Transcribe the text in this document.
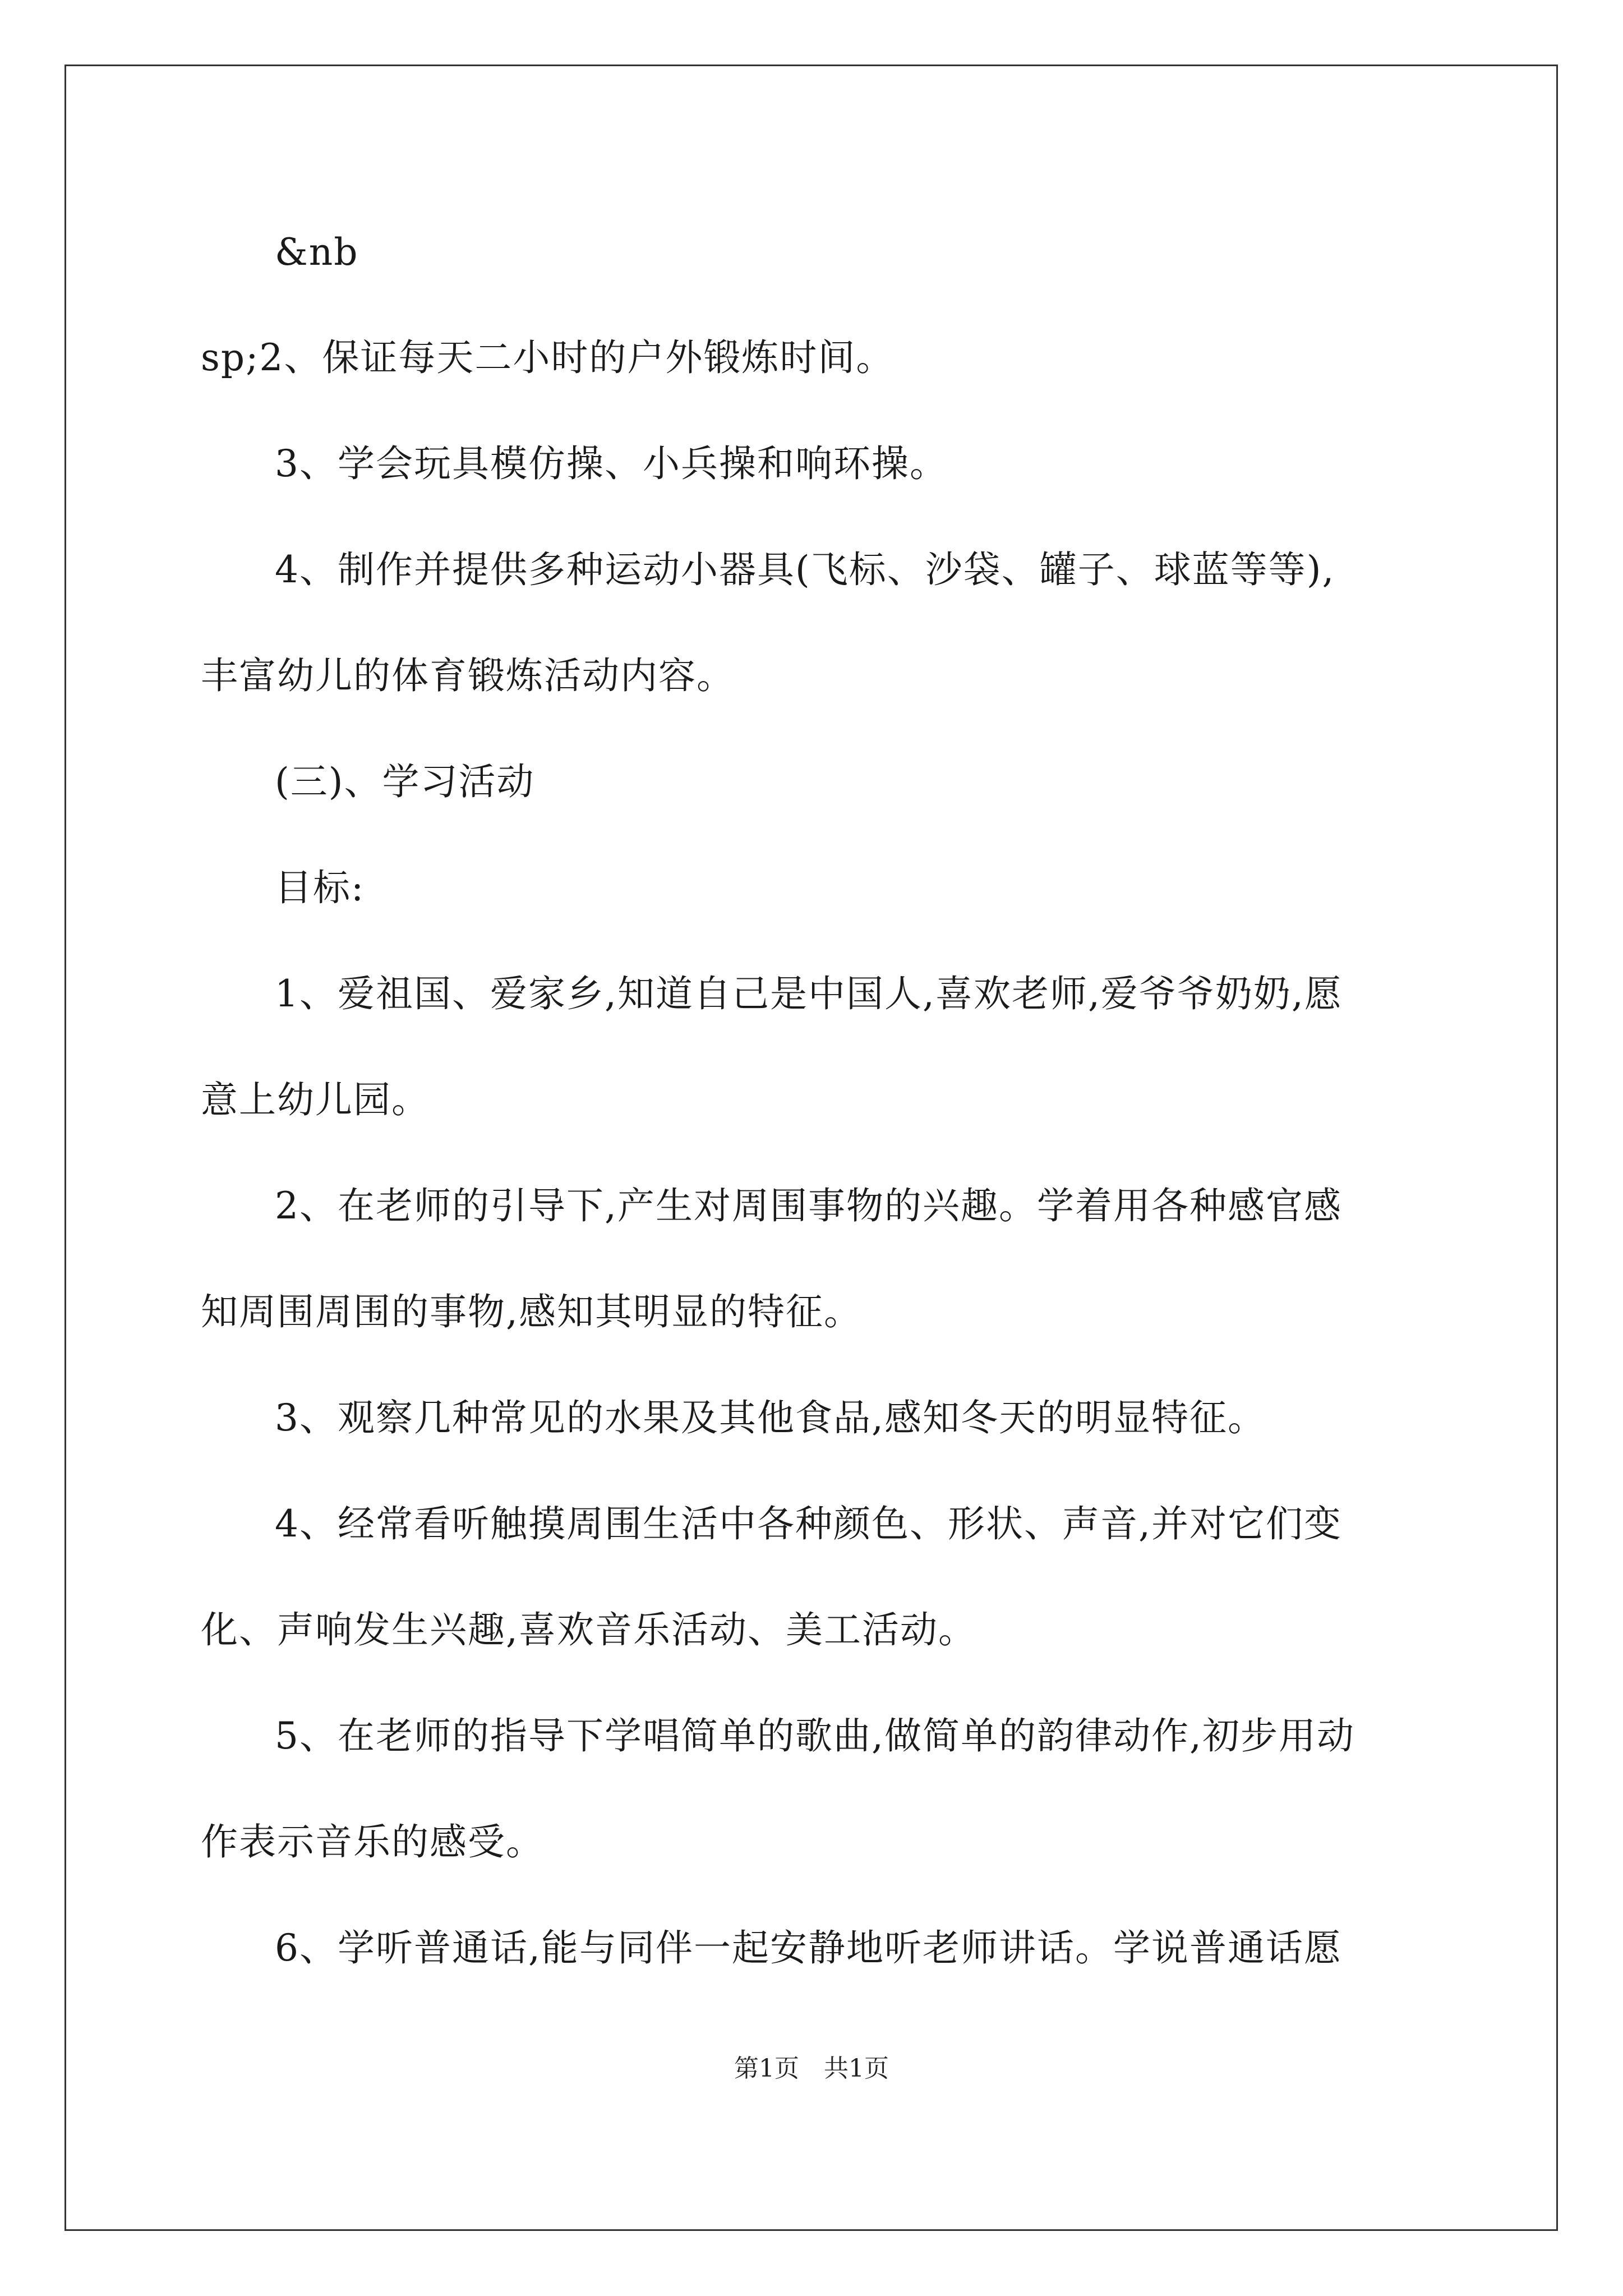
&nb
sp;2、保证每天二小时的户外锻炼时间。
3、学会玩具模仿操、小兵操和响环操。
4、制作并提供多种运动小器具(飞标、沙袋、罐子、球蓝等等),
丰富幼儿的体育锻炼活动内容。
(三)、学习活动
目标:
1、爱祖国、爱家乡,知道自己是中国人,喜欢老师,爱爷爷奶奶,愿
意上幼儿园。
2、在老师的引导下,产生对周围事物的兴趣。学着用各种感官感
知周围周围的事物,感知其明显的特征。
3、观察几种常见的水果及其他食品,感知冬天的明显特征。
4、经常看听触摸周围生活中各种颜色、形状、声音,并对它们变
化、声响发生兴趣,喜欢音乐活动、美工活动。
5、在老师的指导下学唱简单的歌曲,做简单的韵律动作,初步用动
作表示音乐的感受。
6、学听普通话,能与同伴一起安静地听老师讲话。学说普通话愿
第1页　共1页
